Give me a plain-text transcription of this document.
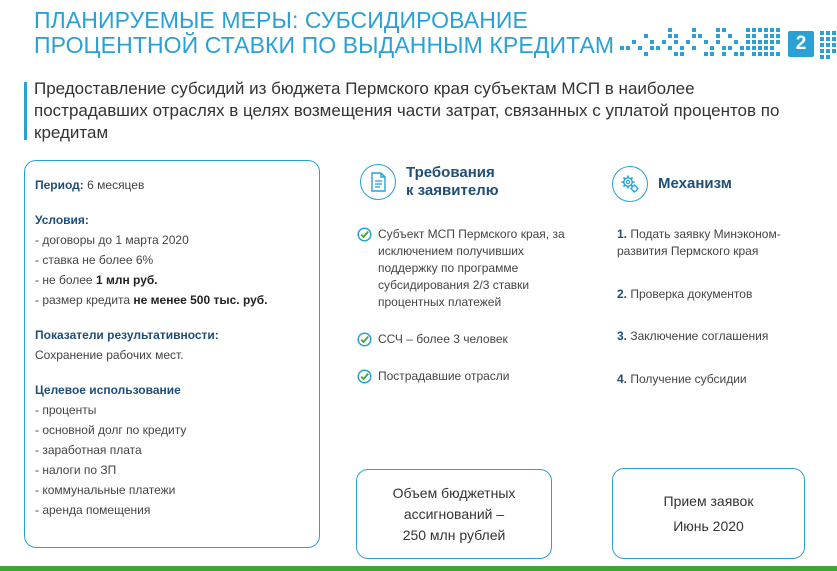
ПЛАНИРУЕМЫЕ МЕРЫ: СУБСИДИРОВАНИЕ
ПРОЦЕНТНОЙ СТАВКИ ПО ВЫДАННЫМ КРЕДИТАМ	2
Предоставление субсидий из бюджета Пермского края субъектам МСП в наиболее пострадавших отраслях в целях возмещения части затрат, связанных с уплатой процентов по кредитам
Период: 6 месяцев
Условия:
- договоры до 1 марта 2020
- ставка не более 6%
- не более 1 млн руб.
- размер кредита не менее 500 тыс. руб.
Показатели результативности:
Сохранение рабочих мест.
Целевое использование
- проценты
- основной долг по кредиту
- заработная плата
- налоги по ЗП
- коммунальные платежи
- аренда помещения
Требования
к заявителю
Субъект МСП Пермского края, за исключением получивших поддержку по программе субсидирования 2/3 ставки процентных платежей
ССЧ – более 3 человек
Пострадавшие отрасли
Механизм
1. Подать заявку Минэконом-развития Пермского края
2. Проверка документов
3. Заключение соглашения
4. Получение субсидии
Объем бюджетных
ассигнований –
250 млн рублей
Прием заявок
Июнь 2020
